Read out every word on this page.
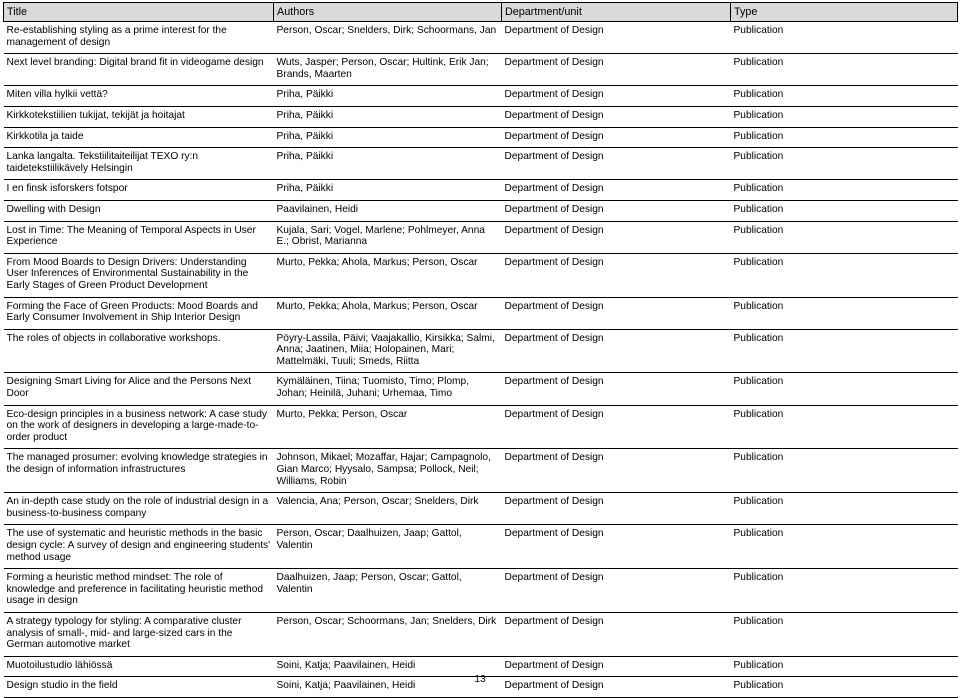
Title	Authors	Department/unit	Type
Re-establishing styling as a prime interest for the management of design	Person, Oscar; Snelders, Dirk; Schoormans, Jan	Department of Design	Publication
Next level branding: Digital brand fit in videogame design	Wuts, Jasper; Person, Oscar; Hultink, Erik Jan; Brands, Maarten	Department of Design	Publication
Miten villa hylkii vettä?	Priha, Päikki	Department of Design	Publication
Kirkkotekstiilien tukijat, tekijät ja hoitajat	Priha, Päikki	Department of Design	Publication
Kirkkotila ja taide	Priha, Päikki	Department of Design	Publication
Lanka langalta. Tekstiilitaiteilijat TEXO ry:n taidetekstiilikävely Helsingin	Priha, Päikki	Department of Design	Publication
I en finsk isforskers fotspor	Priha, Päikki	Department of Design	Publication
Dwelling with Design	Paavilainen, Heidi	Department of Design	Publication
Lost in Time: The Meaning of Temporal Aspects in User Experience	Kujala, Sari; Vogel, Marlene; Pohlmeyer, Anna E.; Obrist, Marianna	Department of Design	Publication
From Mood Boards to Design Drivers: Understanding User Inferences of Environmental Sustainability in the Early Stages of Green Product Development	Murto, Pekka; Ahola, Markus; Person, Oscar	Department of Design	Publication
Forming the Face of Green Products: Mood Boards and Early Consumer Involvement in Ship Interior Design	Murto, Pekka; Ahola, Markus; Person, Oscar	Department of Design	Publication
The roles of objects in collaborative workshops.	Pöyry-Lassila, Päivi; Vaajakallio, Kirsikka; Salmi, Anna; Jaatinen, Miia; Holopainen, Mari; Mattelmäki, Tuuli; Smeds, Riitta	Department of Design	Publication
Designing Smart Living for Alice and the Persons Next Door	Kymäläinen, Tiina; Tuomisto, Timo; Plomp, Johan; Heinilä, Juhani; Urhemaa, Timo	Department of Design	Publication
Eco-design principles in a business network: A case study on the work of designers in developing a large-made-to-order product	Murto, Pekka; Person, Oscar	Department of Design	Publication
The managed prosumer: evolving knowledge strategies in the design of information infrastructures	Johnson, Mikael; Mozaffar, Hajar; Campagnolo, Gian Marco; Hyysalo, Sampsa; Pollock, Neil; Williams, Robin	Department of Design	Publication
An in-depth case study on the role of industrial design in a business-to-business company	Valencia, Ana; Person, Oscar; Snelders, Dirk	Department of Design	Publication
The use of systematic and heuristic methods in the basic design cycle: A survey of design and engineering students' method usage	Person, Oscar; Daalhuizen, Jaap; Gattol, Valentin	Department of Design	Publication
Forming a heuristic method mindset: The role of knowledge and preference in facilitating heuristic method usage in design	Daalhuizen, Jaap; Person, Oscar; Gattol, Valentin	Department of Design	Publication
A strategy typology for styling: A comparative cluster analysis of small-, mid- and large-sized cars in the German automotive market	Person, Oscar; Schoormans, Jan; Snelders, Dirk	Department of Design	Publication
Muotoilustudio lähiössä	Soini, Katja; Paavilainen, Heidi	Department of Design	Publication
Design studio in the field	Soini, Katja; Paavilainen, Heidi	Department of Design	Publication
13
